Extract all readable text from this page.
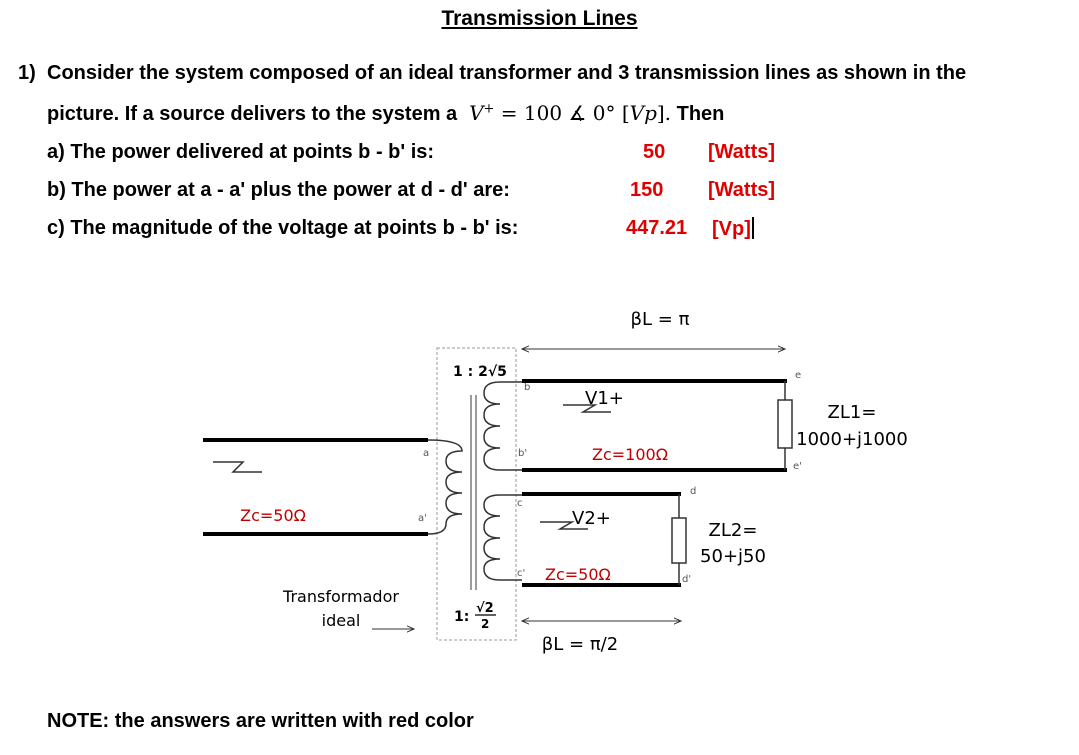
Transmission Lines
1) Consider the system composed of an ideal transformer and 3 transmission lines as shown in the
picture. If a source delivers to the system a V+ = 100 ∡ 0° [Vp]. Then
a) The power delivered at points b - b' is:	50 [Watts]
b) The power at a - a' plus the power at d - d' are:	150 [Watts]
c) The magnitude of the voltage at points b - b' is:	447.21 [Vp]
βL = π
1 : 2√5
Zc=50Ω
a
a'
b
b'
c
c'
e
e'
V1+
Zc=100Ω
ZL1=
1000+j1000
d
d'
V2+
Zc=50Ω
ZL2=
50+j50
βL = π/2
1:
√2
2
Transformador
ideal
NOTE: the answers are written with red color
